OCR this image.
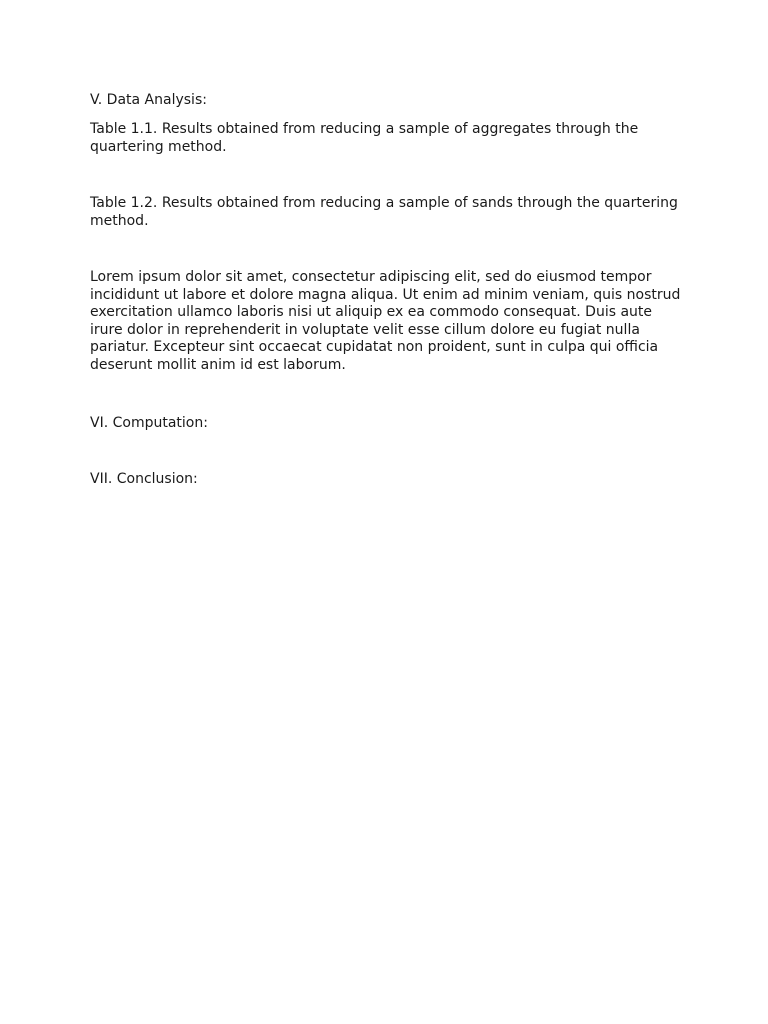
V. Data Analysis:

Table 1.1. Results obtained from reducing a sample of aggregates through the
quartering method.

Table 1.2. Results obtained from reducing a sample of sands through the quartering
method.

Lorem ipsum dolor sit amet, consectetur adipiscing elit, sed do eiusmod tempor
incididunt ut labore et dolore magna aliqua. Ut enim ad minim veniam, quis nostrud
exercitation ullamco laboris nisi ut aliquip ex ea commodo consequat. Duis aute
irure dolor in reprehenderit in voluptate velit esse cillum dolore eu fugiat nulla
pariatur. Excepteur sint occaecat cupidatat non proident, sunt in culpa qui officia
deserunt mollit anim id est laborum.

VI. Computation:

VII. Conclusion:
